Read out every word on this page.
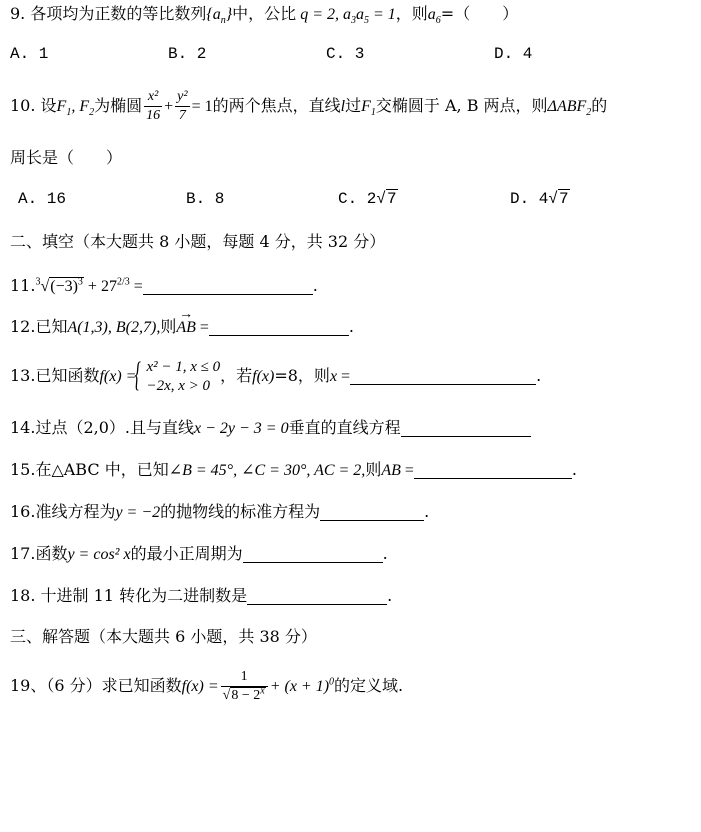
9. 各项均为正数的等比数列$\{a_n\}$中，公比 q = 2, $a_3a_5 = 1$，则$a_6=$（　　）
A. 1	B. 2	C. 3	D. 4
10. 设$F_1$, $F_2$为椭圆 $\frac{\text{x²}}{16} + \frac{\text{y²}}{7} = 1$的两个焦点，直线l过$F_1$交椭圆于 A, B 两点，则$\Delta ABF_2$的
周长是（　　）
A. 16	B. 8	C. 2√7	D. 4√7
二、填空（本大题共 8 小题，每题 4 分，共 32 分）
$11.^3√(-3)^3 + 27^{2/3}$ =	.
12.已知A(1,3), B(2,7),则→ AB =	.
13.已知函数f(x) =
{ x² − 1, x ≤ 0
−2x, x > 0
，若f(x)=8，则x =	.
14.过点（2,0）.且与直线x − 2y − 3 = 0垂直的直线方程
15.在△ABC 中，已知∠B = 45°, ∠C = 30°, AC = 2,则AB =	.
16.准线方程为y = −2的抛物线的标准方程为	.
17.函数y = cos² x的最小正周期为	.
18. 十进制 11 转化为二进制数是	.
三、解答题（本大题共 6 小题，共 38 分）
19、（6 分）求已知函数$f(x) = \frac{1}{√8 - 2^x} + (x + 1)^0$的定义域.
